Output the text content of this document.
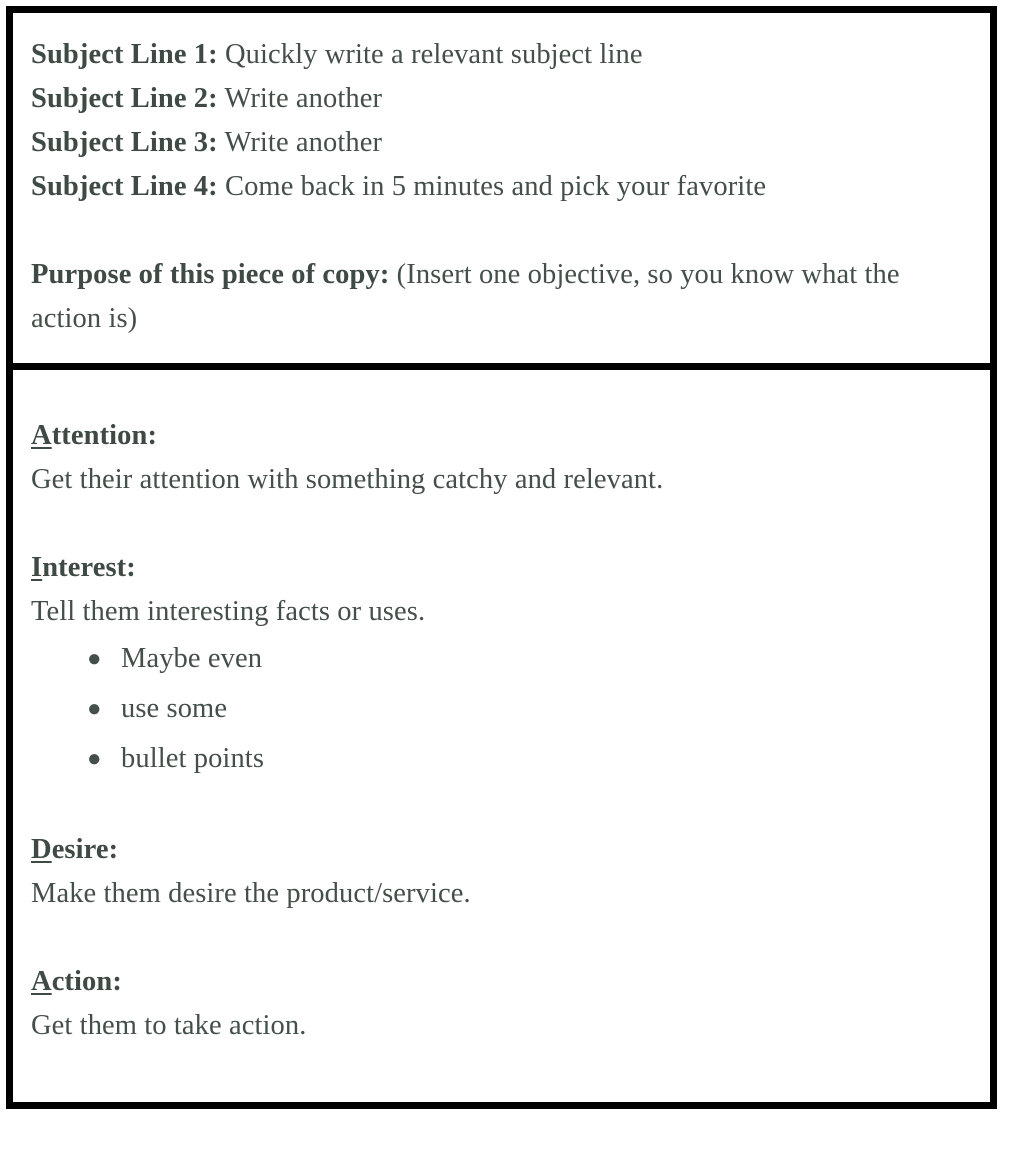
Subject Line 1: Quickly write a relevant subject line
Subject Line 2: Write another
Subject Line 3: Write another
Subject Line 4: Come back in 5 minutes and pick your favorite
Purpose of this piece of copy: (Insert one objective, so you know what the action is)
Attention:
Get their attention with something catchy and relevant.
Interest:
Tell them interesting facts or uses.
● Maybe even
● use some
● bullet points
Desire:
Make them desire the product/service.
Action:
Get them to take action.
